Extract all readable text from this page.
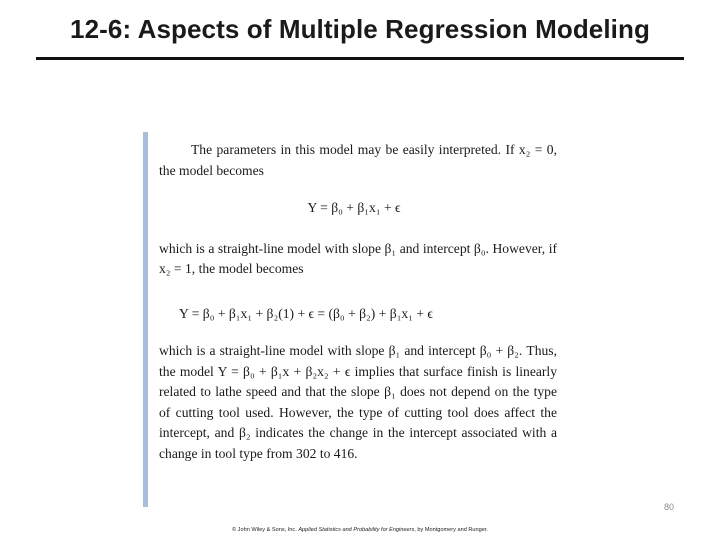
12-6: Aspects of Multiple Regression Modeling

The parameters in this model may be easily interpreted. If x₂ = 0, the model becomes

Y = β₀ + β₁x₁ + ϵ

which is a straight-line model with slope β₁ and intercept β₀. However, if x₂ = 1, the model becomes

Y = β₀ + β₁x₁ + β₂(1) + ϵ = (β₀ + β₂) + β₁x₁ + ϵ

which is a straight-line model with slope β₁ and intercept β₀ + β₂. Thus, the model Y = β₀ + β₁x + β₂x₂ + ϵ implies that surface finish is linearly related to lathe speed and that the slope β₁ does not depend on the type of cutting tool used. However, the type of cutting tool does affect the intercept, and β₂ indicates the change in the intercept associated with a change in tool type from 302 to 416.

80
© John Wiley & Sons, Inc. Applied Statistics and Probability for Engineers, by Montgomery and Runger.
